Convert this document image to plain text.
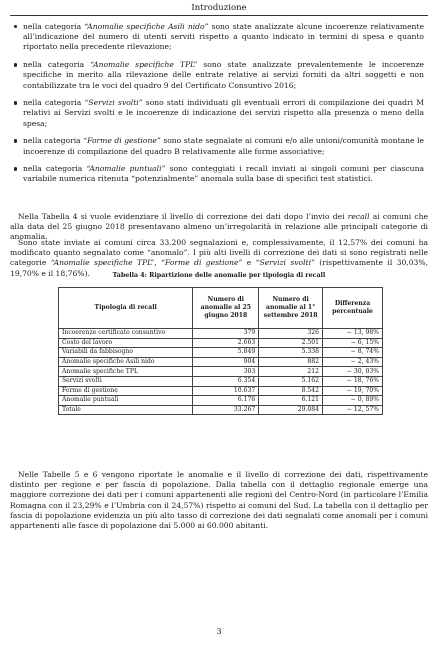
Introduzione
nella categoria “Anomalie specifiche Asili nido” sono state analizzate alcune incoerenze relativamente all’indicazione del numero di utenti serviti rispetto a quanto indicato in termini di spesa e quanto riportato nella precedente rilevazione;
nella categoria “Anomalie specifiche TPL” sono state analizzate prevalentemente le incoerenze specifiche in merito alla rilevazione delle entrate relative ai servizi forniti da altri soggetti e non contabilizzate tra le voci del quadro 9 del Certificato Consuntivo 2016;
nella categoria “Servizi svolti” sono stati individuati gli eventuali errori di compilazione dei quadri M relativi ai Servizi svolti e le incoerenze di indicazione dei servizi rispetto alla presenza o meno della spesa;
nella categoria “Forme di gestione” sono state segnalate ai comuni e/o alle unioni/comunità montane le incoerenze di compilazione del quadro B relativamente alle forme associative;
nella categoria “Anomalie puntuali” sono conteggiati i recall inviati ai singoli comuni per ciascuna variabile numerica ritenuta “potenzialmente” anomala sulla base di specifici test statistici.

Nella Tabella 4 si vuole evidenziare il livello di correzione dei dati dopo l’invio dei recall ai comuni che alla data del 25 giugno 2018 presentavano almeno un’irregolarità in relazione alle principali categorie di anomalia.

Sono state inviate ai comuni circa 33.200 segnalazioni e, complessivamente, il 12,57% dei comuni ha modificato quanto segnalato come “anomalo”. I più alti livelli di correzione dei dati si sono registrati nelle categorie “Anomalie specifiche TPL”, “Forme di gestione” e “Servizi svolti” (rispettivamente il 30,03%, 19,70% e il 18,76%).	Tabella 4: Ripartizione delle anomalie per tipologia di recall
Tipologia di recall	Numero di anomalie al 25 giugno 2018	Numero di anomalie al 1° settembre 2018	Differenza percentuale
Incoerenze certificato consuntivo	379	326	− 13, 98%
Costo del lavoro	2.663	2.501	− 6, 15%
Variabili da fabbisogno	5.849	5.338	− 8, 74%
Anomalie specifiche Asili nido	904	882	− 2, 43%
Anomalie specifiche TPL	303	212	− 30, 03%
Servizi svolti	6.354	5.162	− 18, 76%
Forme di gestione	10.637	8.542	− 19, 70%
Anomalie puntuali	6.176	6.121	− 0, 89%
Totale	33.267	29.084	− 12, 57%

Nelle Tabelle 5 e 6 vengono riportate le anomalie e il livello di correzione dei dati, rispettivamente distinto per regione e per fascia di popolazione. Dalla tabella con il dettaglio regionale emerge una maggiore correzione dei dati per i comuni appartenenti alle regioni del Centro-Nord (in particolare l’Emilia Romagna con il 23,29% e l’Umbria con il 24,57%) rispetto ai comuni del Sud. La tabella con il dettaglio per fascia di popolazione evidenzia un più alto tasso di correzione dei dati segnalati come anomali per i comuni appartenenti alle fasce di popolazione dai 5.000 ai 60.000 abitanti.

3
